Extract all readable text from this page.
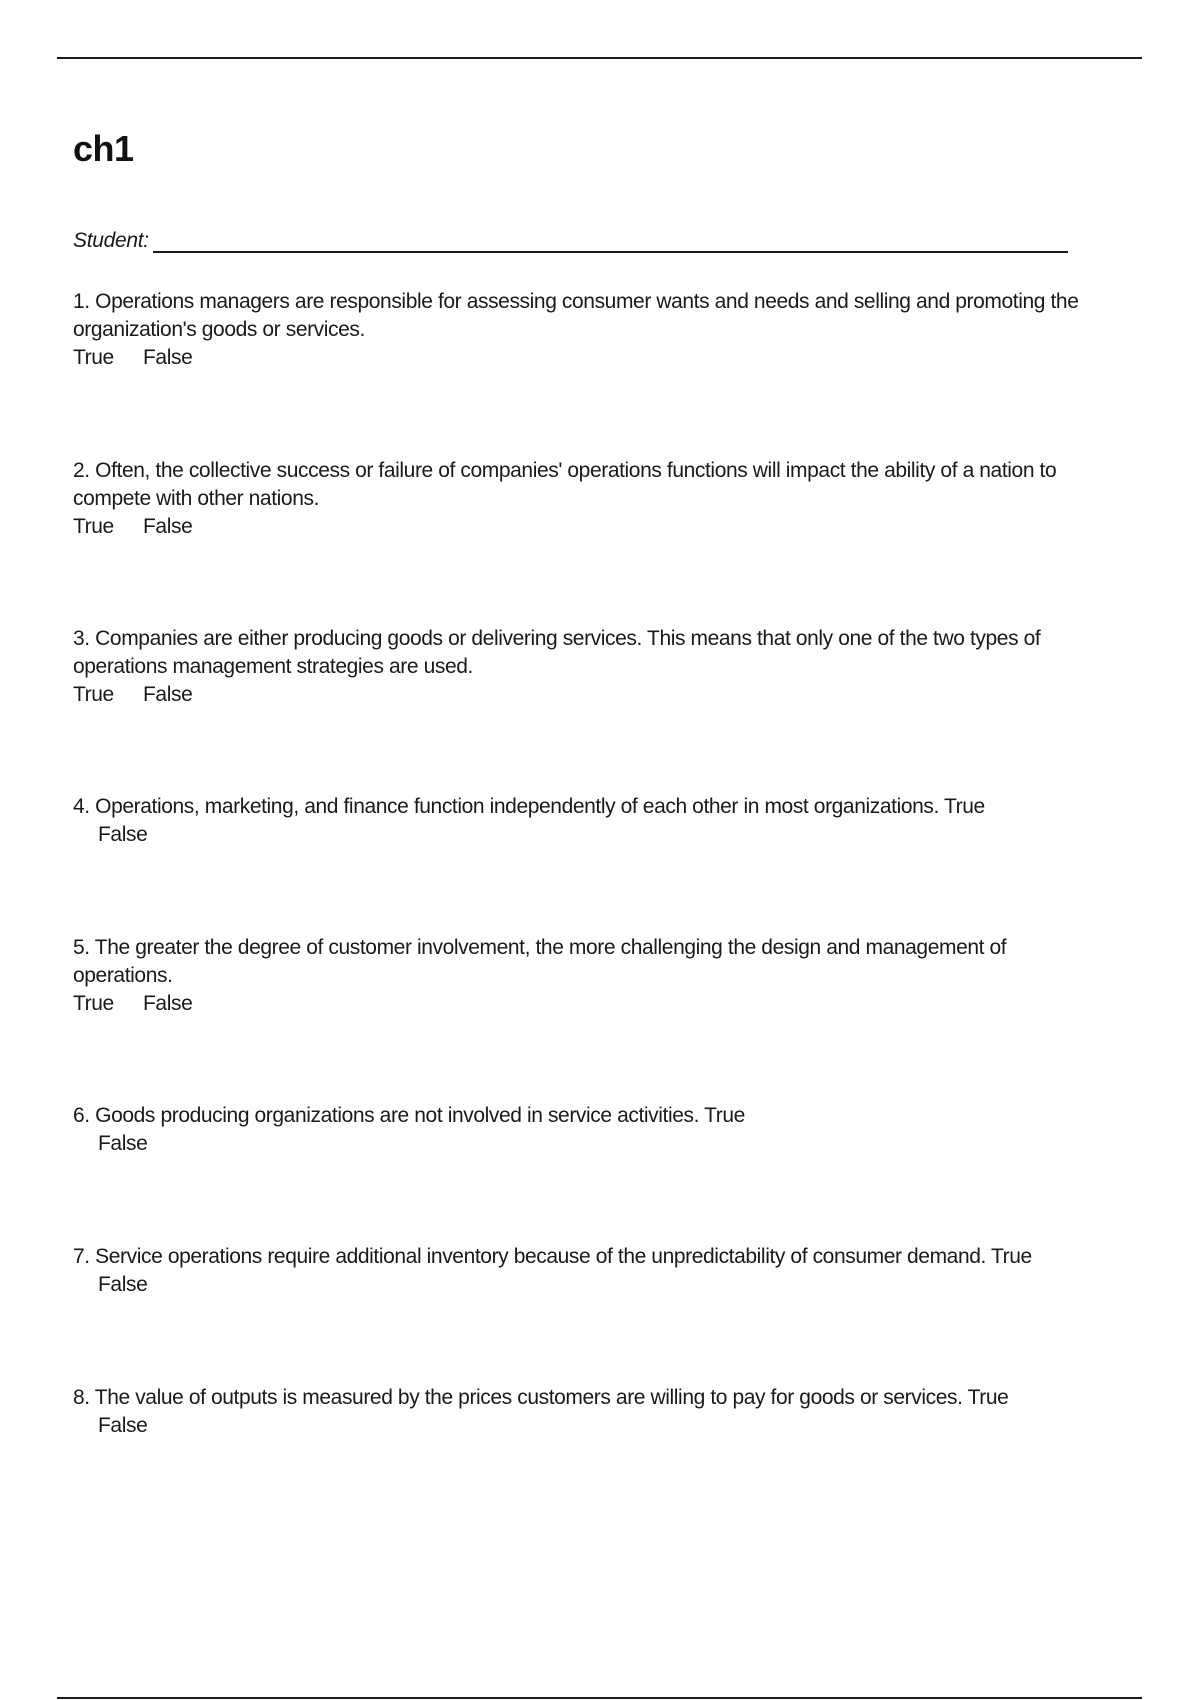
ch1
Student:
1. Operations managers are responsible for assessing consumer wants and needs and selling and promoting the organization's goods or services.
True False
2. Often, the collective success or failure of companies' operations functions will impact the ability of a nation to compete with other nations.
True False
3. Companies are either producing goods or delivering services. This means that only one of the two types of operations management strategies are used.
True False
4. Operations, marketing, and finance function independently of each other in most organizations. True
False
5. The greater the degree of customer involvement, the more challenging the design and management of operations.
True False
6. Goods producing organizations are not involved in service activities. True
False
7. Service operations require additional inventory because of the unpredictability of consumer demand. True
False
8. The value of outputs is measured by the prices customers are willing to pay for goods or services. True
False
